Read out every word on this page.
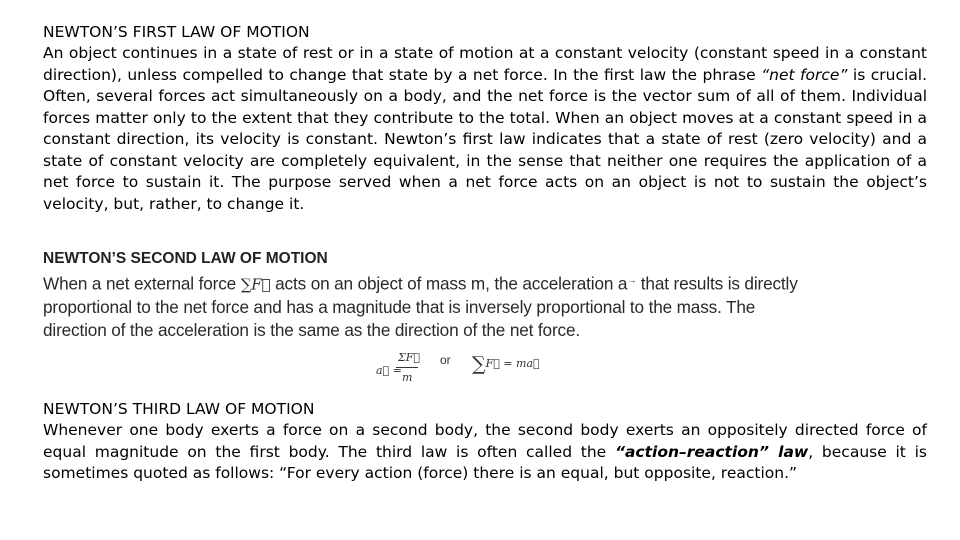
NEWTON’S FIRST LAW OF MOTION

An object continues in a state of rest or in a state of motion at a constant velocity (constant speed in a constant direction), unless compelled to change that state by a net force. In the first law the phrase “net force” is crucial. Often, several forces act simultaneously on a body, and the net force is the vector sum of all of them. Individual forces matter only to the extent that they contribute to the total. When an object moves at a constant speed in a constant direction, its velocity is constant. Newton’s first law indicates that a state of rest (zero velocity) and a state of constant velocity are completely equivalent, in the sense that neither one requires the application of a net force to sustain it. The purpose served when a net force acts on an object is not to sustain the object’s velocity, but, rather, to change it.

NEWTON’S SECOND LAW OF MOTION

When a net external force ∑F⃗ acts on an object of mass m, the acceleration a→ that results is directly
proportional to the net force and has a magnitude that is inversely proportional to the mass. The
direction of the acceleration is the same as the direction of the net force.

a⃗ =
ΣF⃗
m
or ∑F⃗ = ma⃗

NEWTON’S THIRD LAW OF MOTION

Whenever one body exerts a force on a second body, the second body exerts an oppositely directed force of equal magnitude on the first body. The third law is often called the “action–reaction” law, because it is sometimes quoted as follows: “For every action (force) there is an equal, but opposite, reaction.”
